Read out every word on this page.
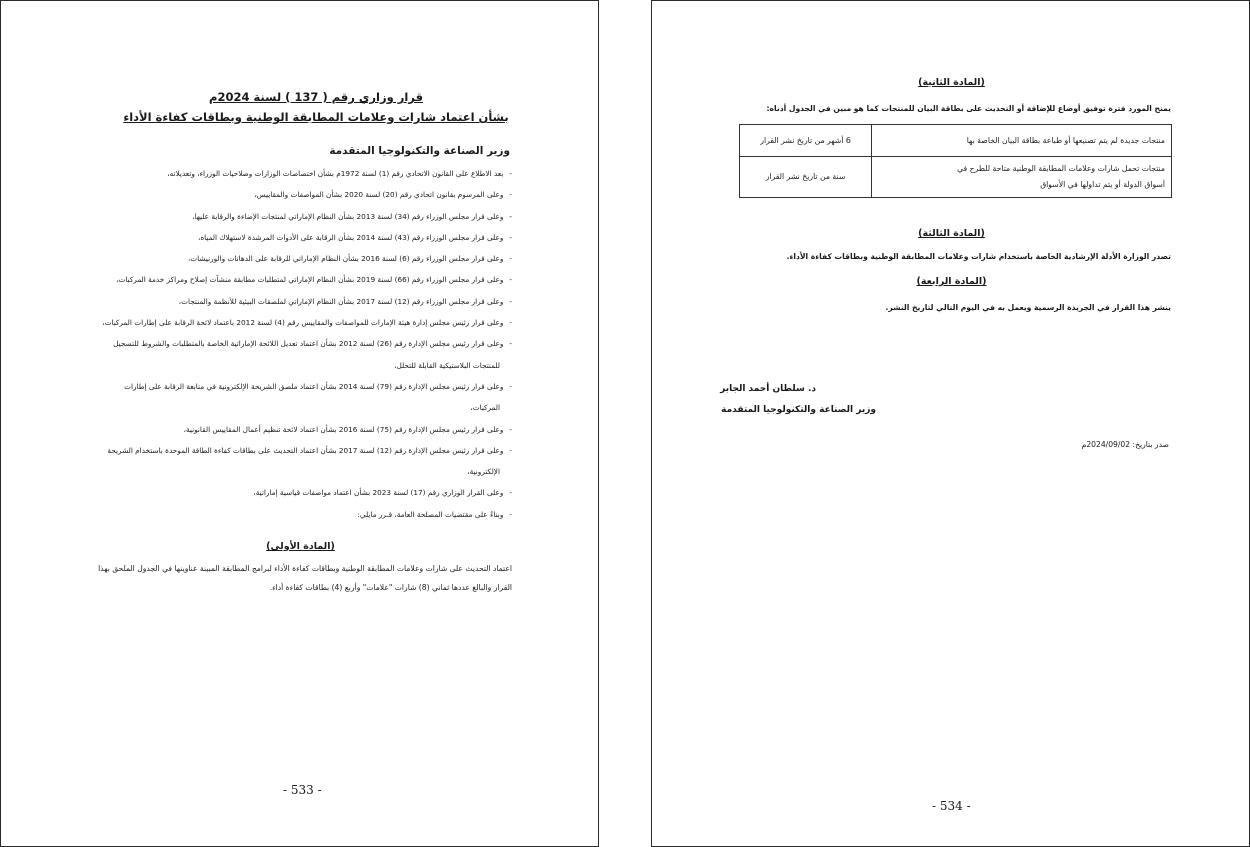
قرار وزاري رقم ( 137 ) لسنة 2024م
بشأن اعتماد شارات وعلامات المطابقة الوطنية وبطاقات كفاءة الأداء
وزير الصناعة والتكنولوجيا المتقدمة
-بعد الاطلاع على القانون الاتحادي رقم (1) لسنة 1972م بشأن اختصاصات الوزارات وصلاحيات الوزراء، وتعديلاته،
-وعلى المرسوم بقانون اتحادي رقم (20) لسنة 2020 بشأن المواصفات والمقاييس،
-وعلى قرار مجلس الوزراء رقم (34) لسنة 2013 بشأن النظام الإماراتي لمنتجات الإضاءة والرقابة عليها،
-وعلى قرار مجلس الوزراء رقم (43) لسنة 2014 بشأن الرقابة على الأدوات المرشدة لاستهلاك المياه،
-وعلى قرار مجلس الوزراء رقم (6) لسنة 2016 بشأن النظام الإماراتي للرقابة على الدهانات والورنيشات،
-وعلى قرار مجلس الوزراء رقم (66) لسنة 2019 بشأن النظام الإماراتي لمتطلبات مطابقة منشآت إصلاح ومراكز خدمة المركبات،
-وعلى قرار مجلس الوزراء رقم (12) لسنة 2017 بشأن النظام الإماراتي لملصقات البيئية للأنظمة والمنتجات،
-وعلى قرار رئيس مجلس إدارة هيئة الإمارات للمواصفات والمقاييس رقم (4) لسنة 2012 باعتماد لائحة الرقابة على إطارات المركبات،
-وعلى قرار رئيس مجلس الإدارة رقم (26) لسنة 2012 بشأن اعتماد تعديل اللائحة الإماراتية الخاصة بالمتطلبات والشروط للتسجيل
للمنتجات البلاستيكية القابلة للتحلل،
-وعلى قرار رئيس مجلس الإدارة رقم (79) لسنة 2014 بشأن اعتماد ملصق الشريحة الإلكترونية في متابعة الرقابة على إطارات
المركبات،
-وعلى قرار رئيس مجلس الإدارة رقم (75) لسنة 2016 بشأن اعتماد لائحة تنظيم أعمال المقاييس القانونية،
-وعلى قرار رئيس مجلس الإدارة رقم (12) لسنة 2017 بشأن اعتماد التحديث على بطاقات كفاءة الطاقة الموحدة باستخدام الشريحة
الإلكترونية،
-وعلى القرار الوزاري رقم (17) لسنة 2023 بشأن اعتماد مواصفات قياسية إماراتية،
-وبناءً على مقتضيات المصلحة العامة، قـرر مايلي:
(المادة الأولى)
اعتماد التحديث على شارات وعلامات المطابقة الوطنية وبطاقات كفاءة الأداء لبرامج المطابقة المبينة عناوينها في الجدول الملحق بهذا
القرار والبالغ عددها ثماني (8) شارات "علامات" وأربع (4) بطاقات كفاءة أداء.
- 533 -
(المادة الثانية)
يمنح المورد فترة توفيق أوضاع للإضافة أو التحديث على بطاقة البيان للمنتجات كما هو مبين في الجدول أدناه:
منتجات جديدة لم يتم تصنيعها أو طباعة بطاقة البيان الخاصة بها	6 أشهر من تاريخ نشر القرار

منتجات تحمل شارات وعلامات المطابقة الوطنية متاحة للطرح في
أسواق الدولة أو يتم تداولها في الأسواق	سنة من تاريخ نشر القرار
(المادة الثالثة)
تصدر الوزارة الأدلة الإرشادية الخاصة باستخدام شارات وعلامات المطابقة الوطنية وبطاقات كفاءة الأداء.
(المادة الرابعة)
ينشر هذا القرار في الجريدة الرسمية ويعمل به في اليوم التالي لتاريخ النشر.
د. سلطان أحمد الجابر
وزير الصناعة والتكنولوجيا المتقدمة
صدر بتاريخ: 2024/09/02م
- 534 -
